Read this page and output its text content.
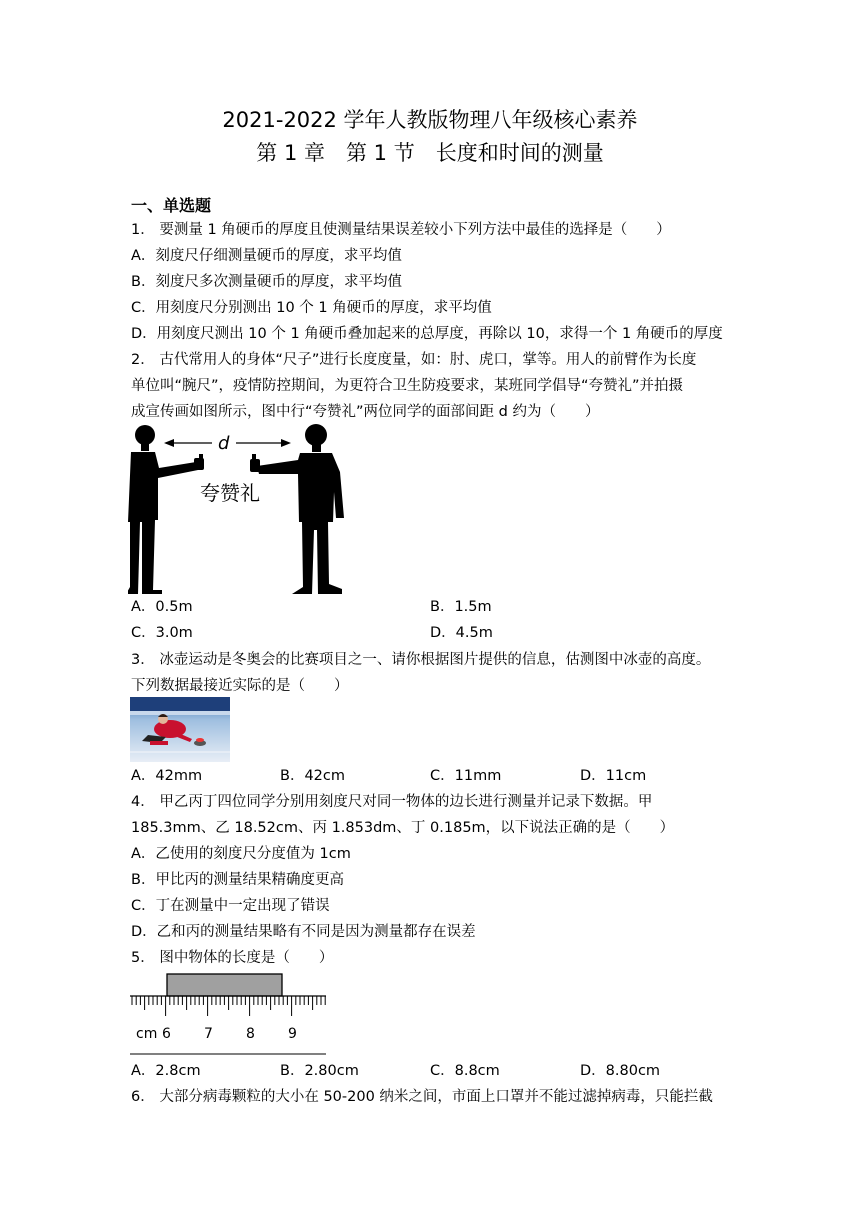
2021-2022 学年人教版物理八年级核心素养
第 1 章　第 1 节　长度和时间的测量
一、单选题
1． 要测量 1 角硬币的厚度且使测量结果误差较小下列方法中最佳的选择是（　　）
A．刻度尺仔细测量硬币的厚度，求平均值
B．刻度尺多次测量硬币的厚度，求平均值
C．用刻度尺分别测出 10 个 1 角硬币的厚度，求平均值
D．用刻度尺测出 10 个 1 角硬币叠加起来的总厚度，再除以 10，求得一个 1 角硬币的厚度
2． 古代常用人的身体“尺子”进行长度度量，如：肘、虎口，掌等。用人的前臂作为长度
单位叫“腕尺”，疫情防控期间，为更符合卫生防疫要求，某班同学倡导“夸赞礼”并拍摄
成宣传画如图所示，图中行“夸赞礼”两位同学的面部间距 d 约为（　　）
d
夸赞礼
A．0.5m	B．1.5m
C．3.0m	D．4.5m
3． 冰壶运动是冬奥会的比赛项目之一、请你根据图片提供的信息，估测图中冰壶的高度。
下列数据最接近实际的是（　　）
A．42mm	B．42cm	C．11mm	D．11cm
4． 甲乙丙丁四位同学分别用刻度尺对同一物体的边长进行测量并记录下数据。甲
185.3mm、乙 18.52cm、丙 1.853dm、丁 0.185m，以下说法正确的是（　　）
A．乙使用的刻度尺分度值为 1cm
B．甲比丙的测量结果精确度更高
C．丁在测量中一定出现了错误
D．乙和丙的测量结果略有不同是因为测量都存在误差
5． 图中物体的长度是（　　）
cm 6 7 8 9
A．2.8cm	B．2.80cm	C．8.8cm	D．8.80cm
6． 大部分病毒颗粒的大小在 50-200 纳米之间，市面上口罩并不能过滤掉病毒，只能拦截
